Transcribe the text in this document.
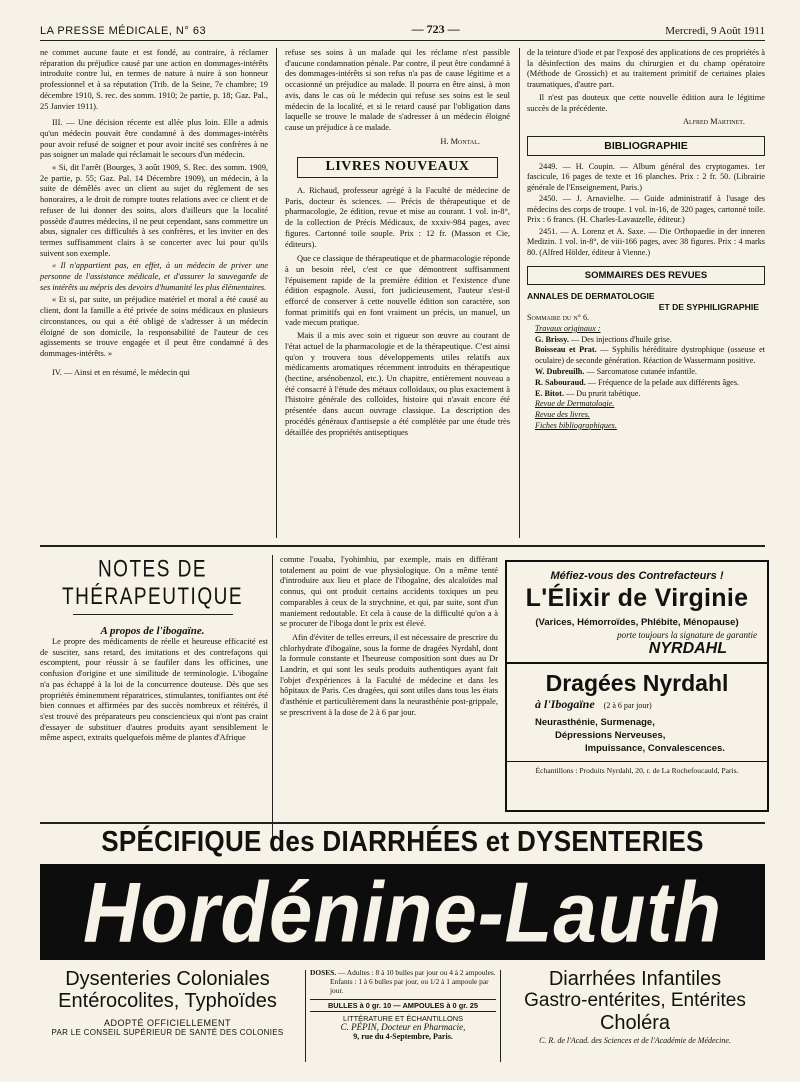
LA PRESSE MÉDICALE, N° 63	— 723 —	Mercredi, 9 Août 1911

ne commet aucune faute et est fondé, au contraire, à réclamer réparation du préjudice causé par une action en dommages-intérêts introduite contre lui, en termes de nature à nuire à son honneur professionnel et à sa réputation (Trib. de la Seine, 7e chambre; 19 décembre 1910, S. rec. des somm. 1910; 2e partie, p. 18; Gaz. Pal., 25 Janvier 1911).

III. — Une décision récente est allée plus loin. Elle a admis qu'un médecin pouvait être condamné à des dommages-intérêts pour avoir refusé de soigner et pour avoir incité ses confrères à ne pas soigner un malade qui réclamait le secours d'un médecin.

« Si, dit l'arrêt (Bourges, 3 août 1909, S. Rec. des somm. 1909, 2e partie, p. 55; Gaz. Pal. 14 Décembre 1909), un médecin, à la suite de démêlés avec un client au sujet du règlement de ses honoraires, a le droit de rompre toutes relations avec ce client et de refuser de lui donner des soins, alors d'ailleurs que la localité possède d'autres médecins, il ne peut cependant, sans commettre un abus, signaler ces difficultés à ses confrères, et les inviter en des termes suffisamment clairs à se concerter avec lui pour qu'ils suivent son exemple.

« Il n'appartient pas, en effet, à un médecin de priver une personne de l'assistance médicale, et d'assurer la sauvegarde de ses intérêts au mépris des devoirs d'humanité les plus élémentaires.

« Et si, par suite, un préjudice matériel et moral a été causé au client, dont la famille a été privée de soins médicaux en plusieurs circonstances, ou qui a été obligé de s'adresser à un médecin éloigné de son domicile, la responsabilité de l'auteur de ces agissements se trouve engagée et il peut être condamné à des dommages-intérêts. »

IV. — Ainsi et en résumé, le médecin qui

refuse ses soins à un malade qui les réclame n'est passible d'aucune condamnation pénale. Par contre, il peut être condamné à des dommages-intérêts si son refus n'a pas de cause légitime et a occasionné un préjudice au malade. Il pourra en être ainsi, à mon avis, dans le cas où le médecin qui refuse ses soins est le seul médecin de la localité, et si le retard causé par l'obligation dans laquelle se trouve le malade de s'adresser à un médecin éloigné cause un préjudice à ce malade.

H. Montal.
LIVRES NOUVEAUX

A. Richaud, professeur agrégé à la Faculté de médecine de Paris, docteur ès sciences. — Précis de thérapeutique et de pharmacologie, 2e édition, revue et mise au courant. 1 vol. in-8°, de la collection de Précis Médicaux, de xxxiv-984 pages, avec figures. Cartonné toile souple. Prix : 12 fr. (Masson et Cie, éditeurs).

Que ce classique de thérapeutique et de pharmacologie réponde à un besoin réel, c'est ce que démontrent suffisamment l'épuisement rapide de la première édition et l'existence d'une édition espagnole. Aussi, fort judicieusement, l'auteur s'est-il efforcé de conserver à cette nouvelle édition son caractère, son format primitifs qui en font vraiment un précis, un manuel, un vade mecum pratique.

Mais il a mis avec soin et rigueur son œuvre au courant de l'état actuel de la pharmacologie et de la thérapeutique. C'est ainsi qu'on y trouvera tous développements utiles relatifs aux médicaments aromatiques récemment introduits en thérapeutique (hectine, arsénobenzol, etc.). Un chapitre, entièrement nouveau a été consacré à l'étude des métaux colloïdaux, ou plus exactement à l'histoire générale des colloïdes, histoire qui n'avait encore été présentée dans aucun ouvrage classique. La description des procédés généraux d'antisepsie a été complétée par une étude très détaillée des propriétés antiseptiques

de la teinture d'iode et par l'exposé des applications de ces propriétés à la désinfection des mains du chirurgien et du champ opératoire (Méthode de Grossich) et au traitement primitif de certaines plaies traumatiques, d'autre part.

Il n'est pas douteux que cette nouvelle édition aura le légitime succès de la précédente.

Alfred Martinet.
BIBLIOGRAPHIE

2449. — H. Coupin. — Album général des cryptogames. 1er fascicule, 16 pages de texte et 16 planches. Prix : 2 fr. 50. (Librairie générale de l'Enseignement, Paris.)

2450. — J. Arnavielhe. — Guide administratif à l'usage des médecins des corps de troupe. 1 vol. in-16, de 320 pages, cartonné toile. Prix : 6 francs. (H. Charles-Lavauzelle, éditeur.)

2451. — A. Lorenz et A. Saxe. — Die Orthopaedie in der inneren Medizin. 1 vol. in-8°, de viii-166 pages, avec 38 figures. Prix : 4 marks 80. (Alfred Hölder, éditeur à Vienne.)

SOMMAIRES DES REVUES
ANNALES DE DERMATOLOGIE
ET DE SYPHILIGRAPHIE
Sommaire du n° 6.
Travaux originaux :
G. Brissy. — Des injections d'huile grise.
Boisseau et Prat. — Syphilis héréditaire dystrophique (osseuse et oculaire) de seconde génération. Réaction de Wassermann positive.
W. Dubreuilh. — Sarcomatose cutanée infantile.
R. Sabouraud. — Fréquence de la pelade aux différents âges.
E. Bitot. — Du prurit tabétique.
Revue de Dermatologie.
Revue des livres.
Fiches bibliographiques.
NOTES DE THÉRAPEUTIQUE
A propos de l'ibogaïne.
Le propre des médicaments de réelle et heureuse efficacité est de susciter, sans retard, des imitations et des contrefaçons qui escomptent, pour réussir à se faufiler dans les officines, une confusion d'origine et une similitude de terminologie. L'ibogaïne n'a pas échappé à la loi de la concurrence douteuse. Dès que ses propriétés éminemment réparatrices, stimulantes, tonifiantes ont été bien connues et affirmées par des succès nombreux et réitérés, il s'est trouvé des préparateurs peu consciencieux qui n'ont pas craint d'essayer de substituer d'autres produits ayant sensiblement le même aspect, extraits quelquefois même de plantes d'Afrique

comme l'ouaba, l'yohimbiu, par exemple, mais en différant totalement au point de vue physiologique. On a même tenté d'introduire aux lieu et place de l'ibogaïne, des alcaloïdes mal connus, qui ont produit certains accidents toxiques un peu comparables à ceux de la strychnine, et qui, par suite, sont d'un maniement redoutable. Et cela à cause de la difficulté qu'on a à se procurer de l'iboga dont le prix est élevé.

Afin d'éviter de telles erreurs, il est nécessaire de prescrire du chlorhydrate d'ibogaïne, sous la forme de dragées Nyrdahl, dont la formule constante et l'heureuse composition sont dues au Dr Landrin, et qui sont les seuls produits authentiques ayant fait l'objet d'expériences à la Faculté de médecine et dans les hôpitaux de Paris. Ces dragées, qui sont utiles dans tous les états d'asthénie et particulièrement dans la neurasthénie post-grippale, se prescrivent à la dose de 2 à 6 par jour.

Méfiez-vous des Contrefacteurs !
L'Élixir de Virginie
(Varices, Hémorroïdes, Phlébite, Ménopause)
porte toujours la signature de garantie
NYRDAHL
Dragées Nyrdahl
à l'Ibogaïne (2 à 6 par jour)
Neurasthénie, Surmenage,
Dépressions Nerveuses,
Impuissance, Convalescences.
Échantillons : Produits Nyrdahl, 20, r. de La Rochefoucauld, Paris.
SPÉCIFIQUE des DIARRHÉES et DYSENTERIES
Hordénine-Lauth
Dysenteries Coloniales
Entérocolites, Typhoïdes
ADOPTÉ OFFICIELLEMENT
PAR LE CONSEIL SUPÉRIEUR DE SANTÉ DES COLONIES
DOSES. — Adultes : 8 à 10 bulles par jour ou 4 à 2 ampoules.
Enfants : 1 à 6 bulles par jour, ou 1/2 à 1 ampoule par jour.
BULLES à 0 gr. 10 — AMPOULES à 0 gr. 25
LITTÉRATURE ET ÉCHANTILLONS
C. PÉPIN, Docteur en Pharmacie,
9, rue du 4-Septembre, Paris.
Diarrhées Infantiles
Gastro-entérites, Entérites
Choléra
C. R. de l'Acad. des Sciences et de l'Académie de Médecine.
